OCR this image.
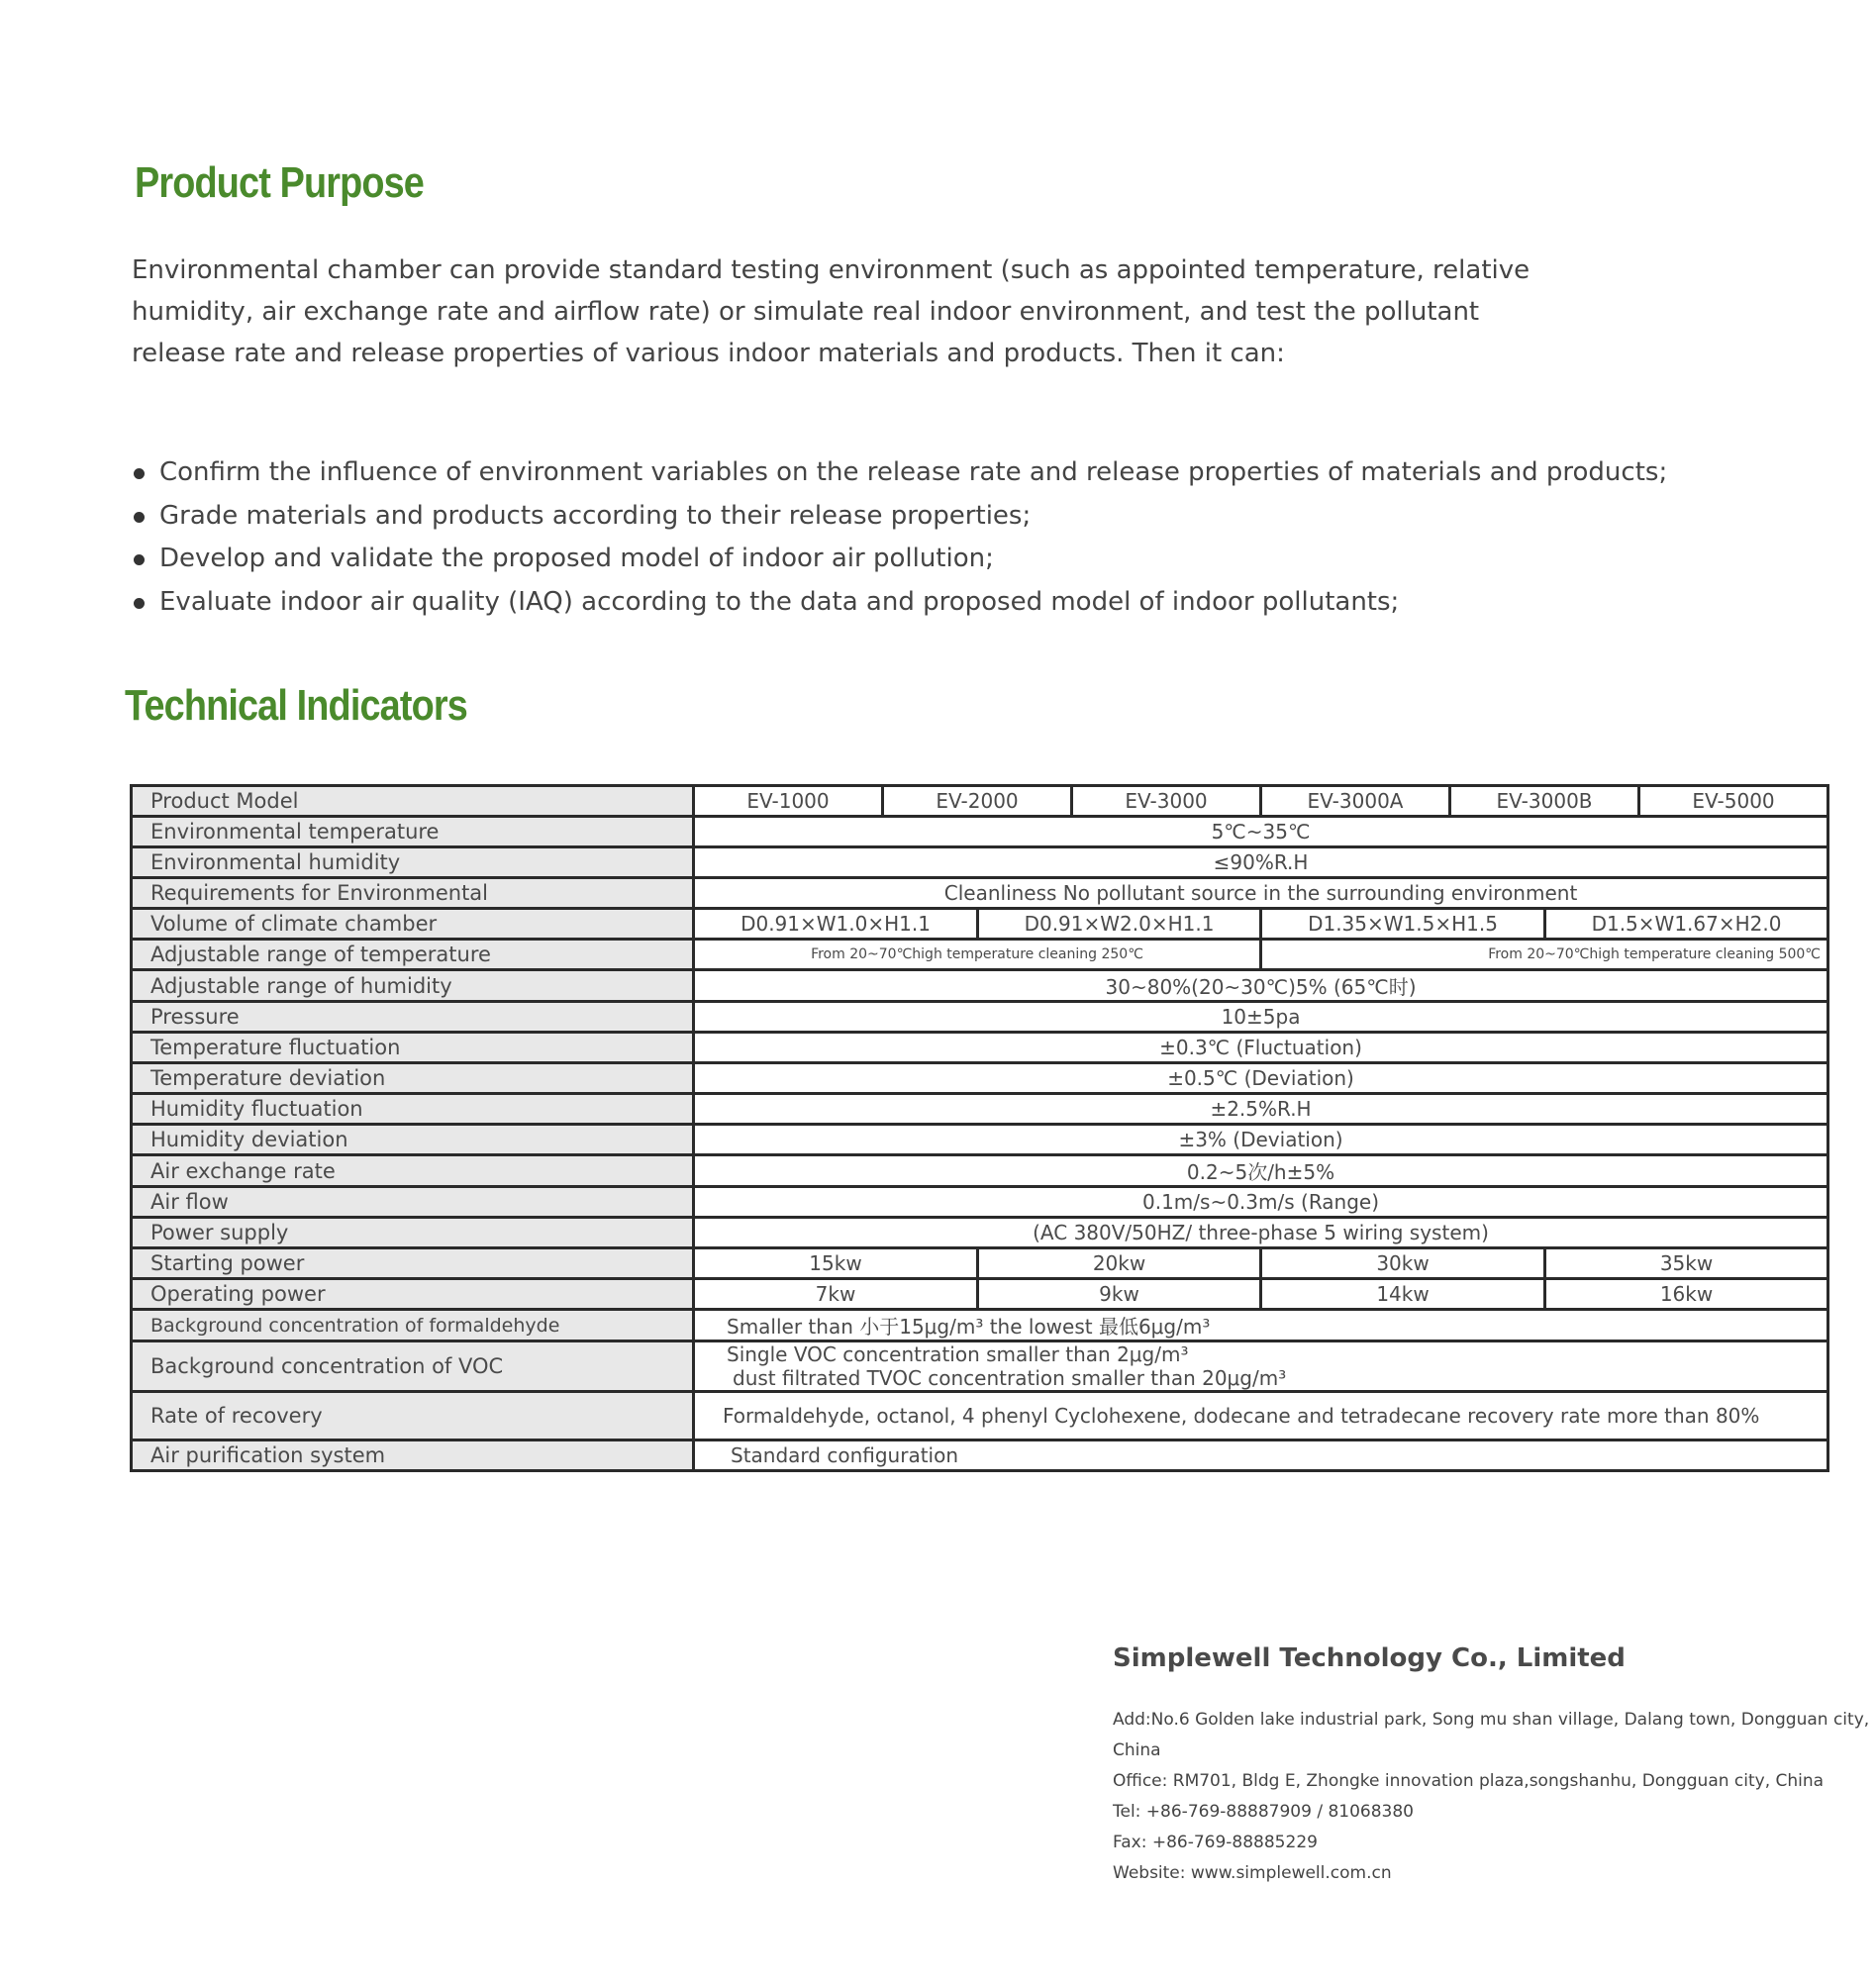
Product Purpose

Environmental chamber can provide standard testing environment (such as appointed temperature, relative humidity, air exchange rate and airflow rate) or simulate real indoor environment, and test the pollutant release rate and release properties of various indoor materials and products. Then it can:

Confirm the influence of environment variables on the release rate and release properties of materials and products;
Grade materials and products according to their release properties;
Develop and validate the proposed model of indoor air pollution;
Evaluate indoor air quality (IAQ) according to the data and proposed model of indoor pollutants;
Technical Indicators
Product Model	EV-1000	EV-2000		EV-3000	EV-3000A	EV-3000B		EV-5000
Environmental temperature	5℃~35℃							
Environmental humidity	≤90%R.H							
Requirements for Environmental	Cleanliness No pollutant source in the surrounding environment							
Volume of climate chamber	D0.91×W1.0×H1.1		D0.91×W2.0×H1.1		D1.35×W1.5×H1.5		D1.5×W1.67×H2.0	
Adjustable range of temperature	From 20~70℃high temperature cleaning 250℃				From 20~70℃high temperature cleaning 500℃			
Adjustable range of humidity	30~80%(20~30℃)5% (65℃时)							
Pressure	10±5pa							
Temperature fluctuation	±0.3℃ (Fluctuation)							
Temperature deviation	±0.5℃ (Deviation)							
Humidity fluctuation	±2.5%R.H							
Humidity deviation	±3% (Deviation)							
Air exchange rate	0.2~5次/h±5%							
Air flow	0.1m/s~0.3m/s (Range)							
Power supply	(AC 380V/50HZ/ three-phase 5 wiring system)							
Starting power	15kw		20kw		30kw		35kw	
Operating power	7kw		9kw		14kw		16kw	
Background concentration of formaldehyde	Smaller than 小于15μg/m³ the lowest 最低6μg/m³							
Background concentration of VOC	Single VOC concentration smaller than 2μg/m³
dust filtrated TVOC concentration smaller than 20μg/m³							

Rate of recovery	Formaldehyde, octanol, 4 phenyl Cyclohexene, dodecane and tetradecane recovery rate more than 80%							
Air purification system	Standard configuration							
Simplewell Technology Co., Limited
Add:No.6 Golden lake industrial park, Song mu shan village, Dalang town, Dongguan city, China
Office: RM701, Bldg E, Zhongke innovation plaza,songshanhu, Dongguan city, China
Tel: +86-769-88887909 / 81068380
Fax: +86-769-88885229
Website: www.simplewell.com.cn
